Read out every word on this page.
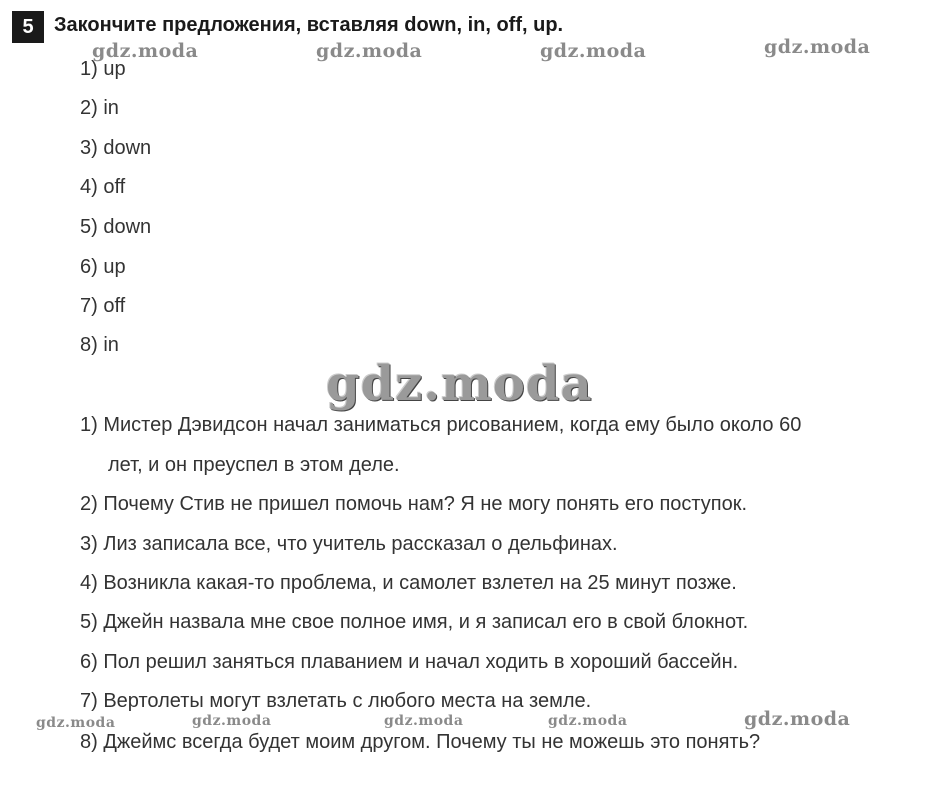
5	Закончите предложения, вставляя down, in, off, up.
gdz.moda	gdz.moda	gdz.moda	gdz.moda
1) up
2) in
3) down
4) off
5) down
6) up
7) off
8) in
gdz.moda
1) Мистер Дэвидсон начал заниматься рисованием, когда ему было около 60
лет, и он преуспел в этом деле.
2) Почему Стив не пришел помочь нам? Я не могу понять его поступок.
3) Лиз записала все, что учитель рассказал о дельфинах.
4) Возникла какая-то проблема, и самолет взлетел на 25 минут позже.
5) Джейн назвала мне свое полное имя, и я записал его в свой блокнот.
6) Пол решил заняться плаванием и начал ходить в хороший бассейн.
7) Вертолеты могут взлетать с любого места на земле.
gdz.moda	gdz.moda	gdz.moda	gdz.moda	gdz.moda
8) Джеймс всегда будет моим другом. Почему ты не можешь это понять?
